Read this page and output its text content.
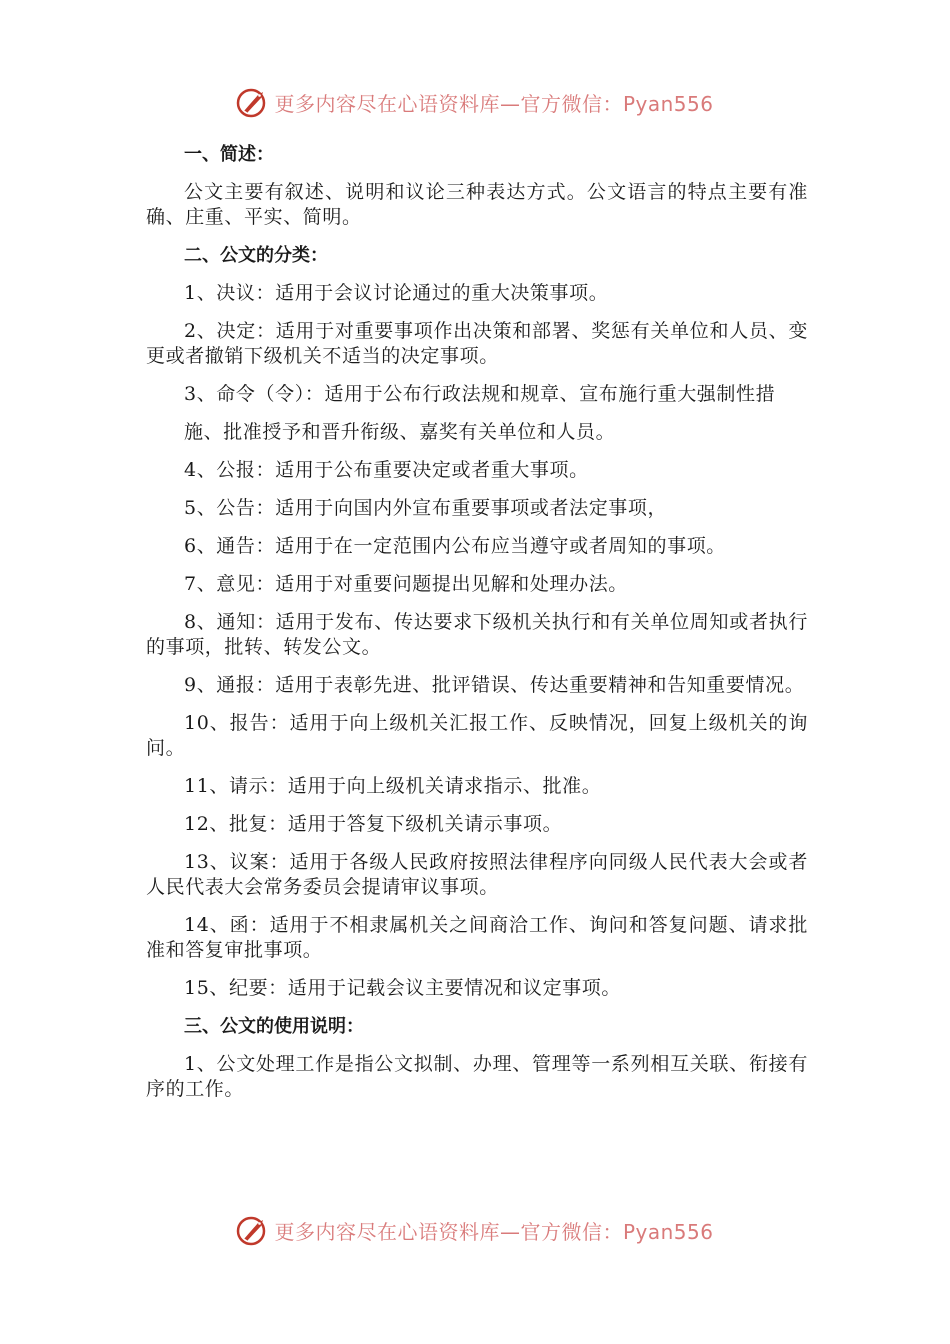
更多内容尽在心语资料库—官方微信：Pyan556

一、简述：

公文主要有叙述、说明和议论三种表达方式。公文语言的特点主要有准确、庄重、平实、简明。

二、公文的分类：

1、决议：适用于会议讨论通过的重大决策事项。

2、决定：适用于对重要事项作出决策和部署、奖惩有关单位和人员、变更或者撤销下级机关不适当的决定事项。

3、命令（令）：适用于公布行政法规和规章、宣布施行重大强制性措

施、批准授予和晋升衔级、嘉奖有关单位和人员。

4、公报：适用于公布重要决定或者重大事项。

5、公告：适用于向国内外宣布重要事项或者法定事项，

6、通告：适用于在一定范围内公布应当遵守或者周知的事项。

7、意见：适用于对重要问题提出见解和处理办法。

8、通知：适用于发布、传达要求下级机关执行和有关单位周知或者执行的事项，批转、转发公文。

9、通报：适用于表彰先进、批评错误、传达重要精神和告知重要情况。

10、报告：适用于向上级机关汇报工作、反映情况，回复上级机关的询问。

11、请示：适用于向上级机关请求指示、批准。

12、批复：适用于答复下级机关请示事项。

13、议案：适用于各级人民政府按照法律程序向同级人民代表大会或者人民代表大会常务委员会提请审议事项。

14、函：适用于不相隶属机关之间商洽工作、询问和答复问题、请求批准和答复审批事项。

15、纪要：适用于记载会议主要情况和议定事项。

三、公文的使用说明：

1、公文处理工作是指公文拟制、办理、管理等一系列相互关联、衔接有序的工作。

更多内容尽在心语资料库—官方微信：Pyan556
